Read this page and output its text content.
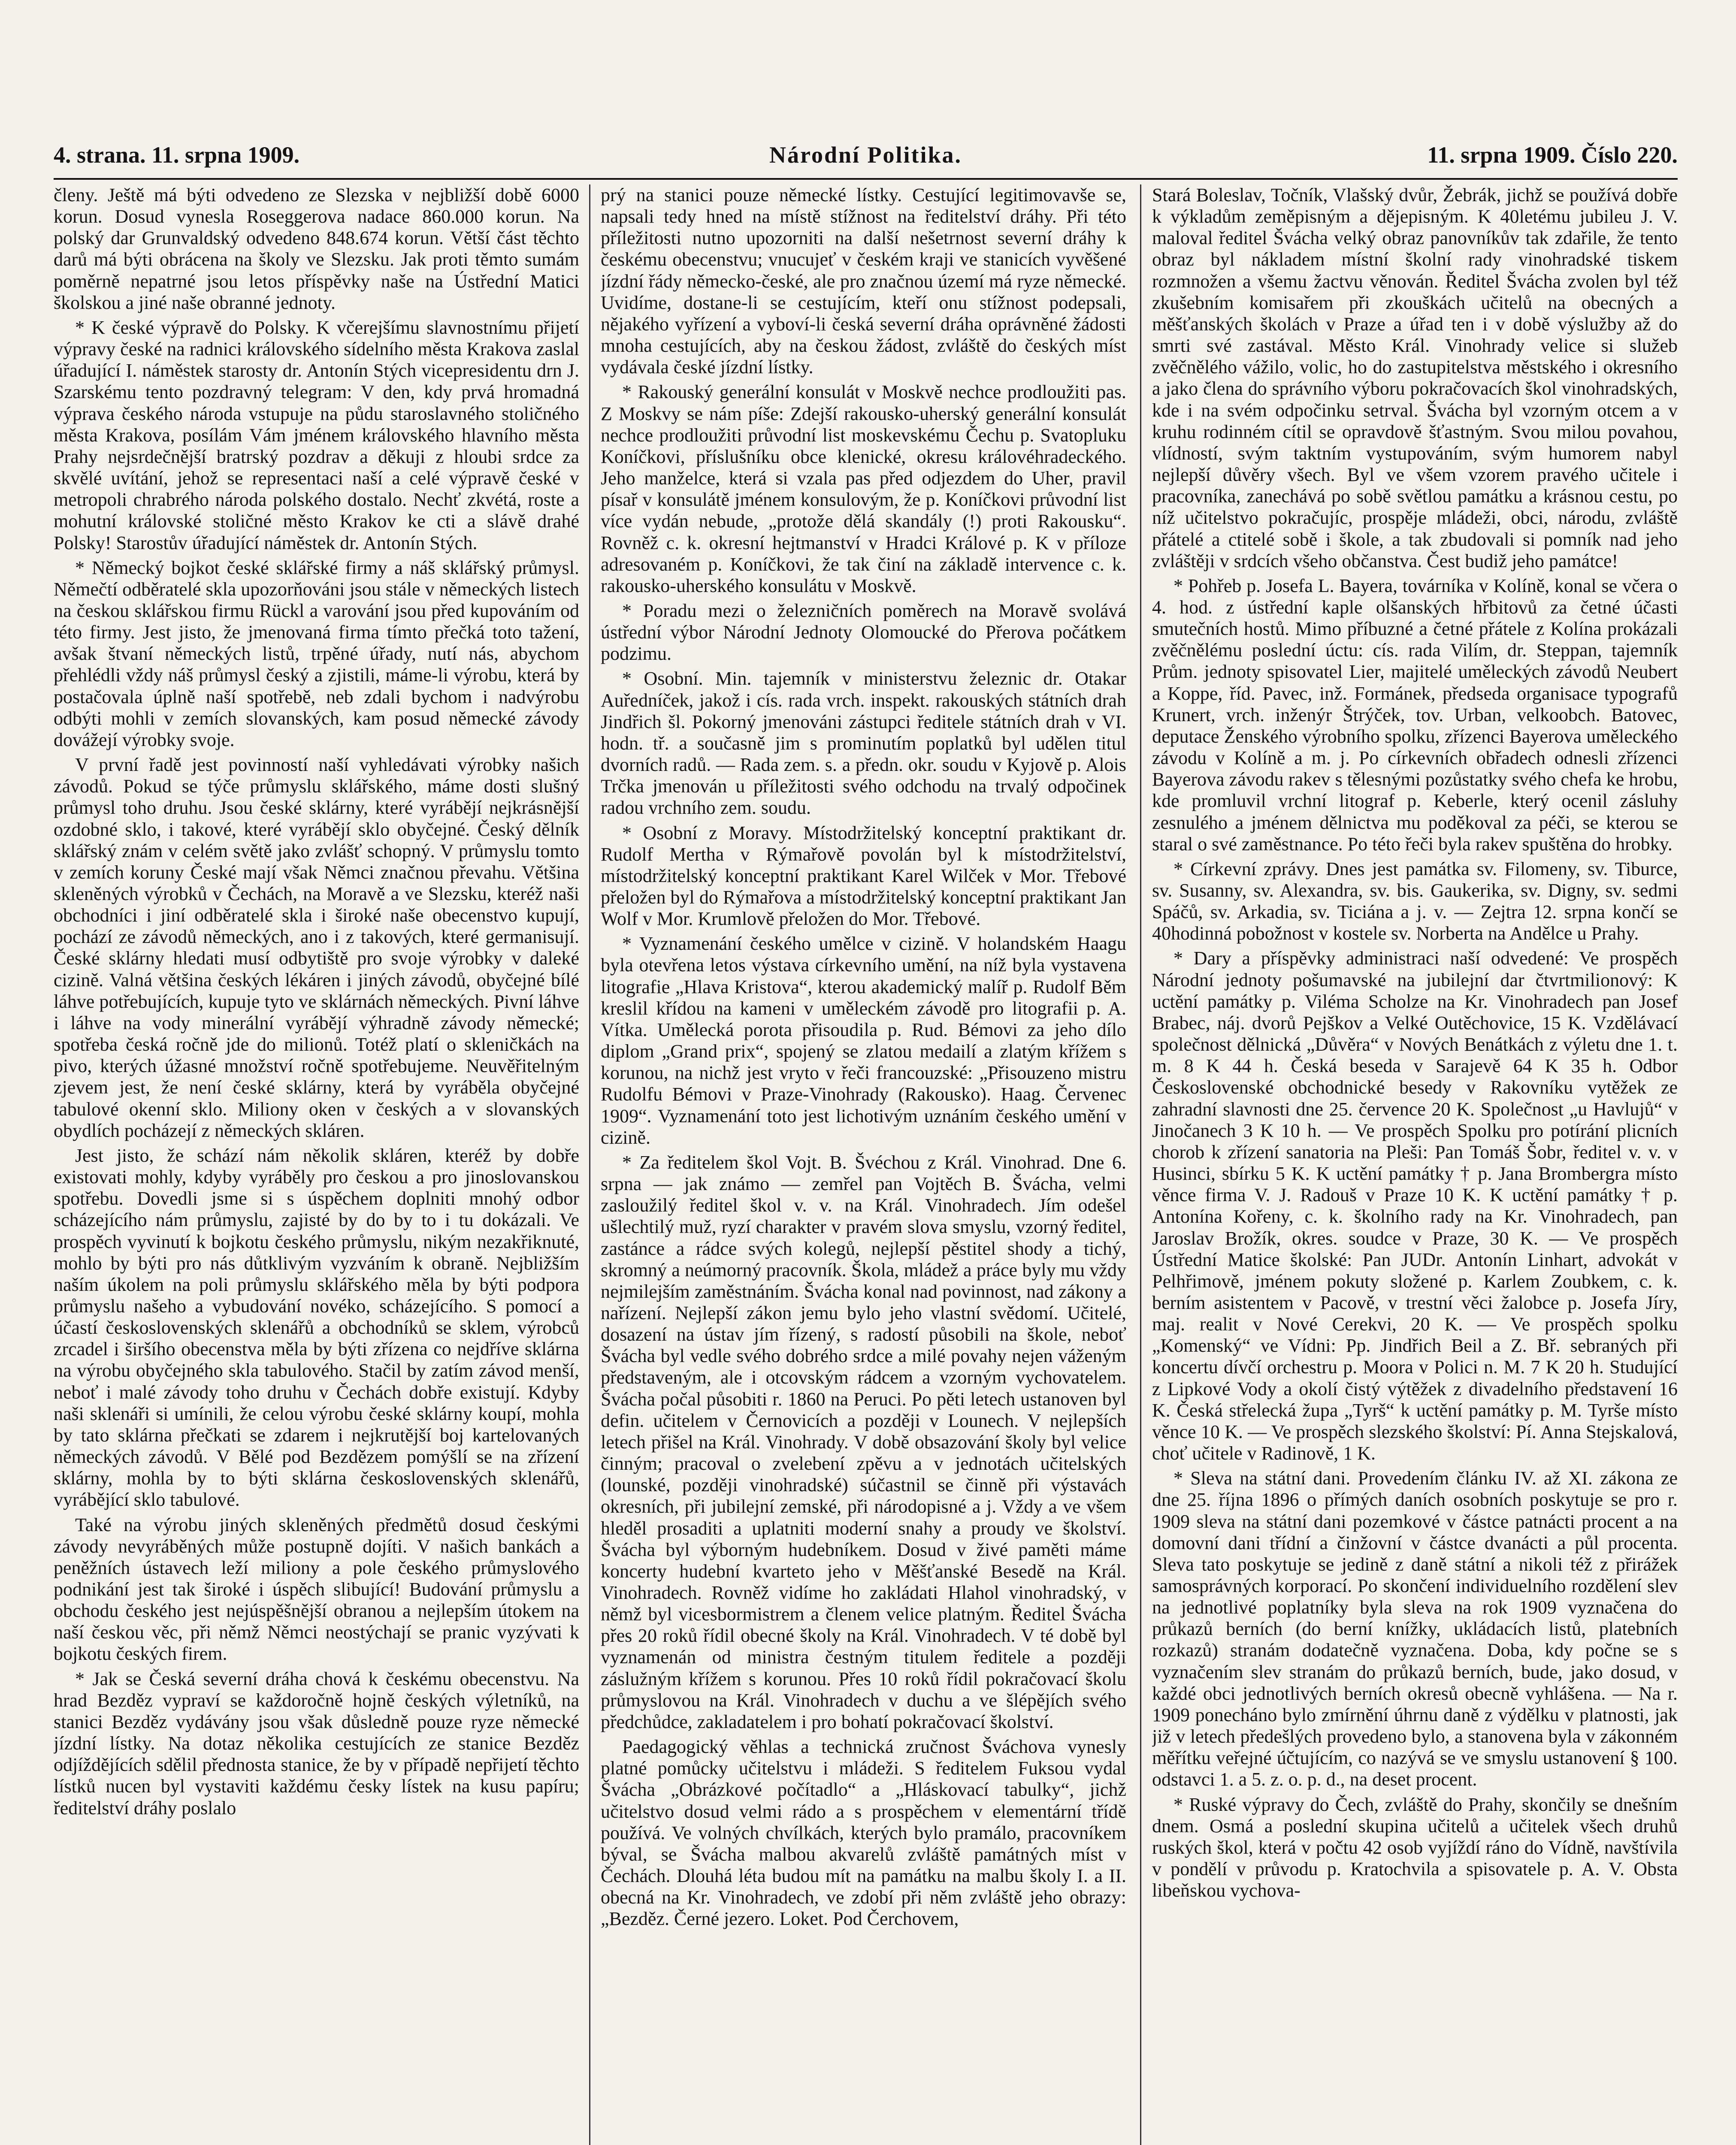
4. strana. 11. srpna 1909.	Národní Politika.	11. srpna 1909. Číslo 220.

členy. Ještě má býti odvedeno ze Slezska v nejbližší době 6000 korun. Dosud vynesla Roseggerova nadace 860.000 korun. Na polský dar Grunvaldský odvedeno 848.674 korun. Větší část těchto darů má býti obrácena na školy ve Slezsku. Jak proti těmto sumám poměrně nepatrné jsou letos příspěvky naše na Ústřední Matici školskou a jiné naše obranné jednoty.

* K české výpravě do Polsky. K včerejšímu slavnostnímu přijetí výpravy české na radnici královského sídelního města Krakova zaslal úřadující I. náměstek starosty dr. Antonín Stých vicepresidentu drn J. Szarskému tento pozdravný telegram: V den, kdy prvá hromadná výprava českého národa vstupuje na půdu staroslavného stoličného města Krakova, posílám Vám jménem královského hlavního města Prahy nejsrdečnější bratrský pozdrav a děkuji z hloubi srdce za skvělé uvítání, jehož se representaci naší a celé výpravě české v metropoli chrabrého národa polského dostalo. Nechť zkvétá, roste a mohutní královské stoličné město Krakov ke cti a slávě drahé Polsky! Starostův úřadující náměstek dr. Antonín Stých.

* Německý bojkot české sklářské firmy a náš sklářský průmysl. Němečtí odběratelé skla upozorňováni jsou stále v německých listech na českou sklářskou firmu Rückl a varování jsou před kupováním od této firmy. Jest jisto, že jmenovaná firma tímto přečká toto tažení, avšak štvaní německých listů, trpěné úřady, nutí nás, abychom přehlédli vždy náš průmysl český a zjistili, máme-li výrobu, která by postačovala úplně naší spotřebě, neb zdali bychom i nadvýrobu odbýti mohli v zemích slovanských, kam posud německé závody dovážejí výrobky svoje.

V první řadě jest povinností naší vyhledávati výrobky našich závodů. Pokud se týče průmyslu sklářského, máme dosti slušný průmysl toho druhu. Jsou české sklárny, které vyrábějí nejkrásnější ozdobné sklo, i takové, které vyrábějí sklo obyčejné. Český dělník sklářský znám v celém světě jako zvlášť schopný. V průmyslu tomto v zemích koruny České mají však Němci značnou převahu. Většina skleněných výrobků v Čechách, na Moravě a ve Slezsku, kteréž naši obchodníci i jiní odběratelé skla i široké naše obecenstvo kupují, pochází ze závodů německých, ano i z takových, které germanisují. České sklárny hledati musí odbytiště pro svoje výrobky v daleké cizině. Valná většina českých lékáren i jiných závodů, obyčejné bílé láhve potřebujících, kupuje tyto ve sklárnách německých. Pivní láhve i láhve na vody minerální vyrábějí výhradně závody německé; spotřeba česká ročně jde do milionů. Totéž platí o skleničkách na pivo, kterých úžasné množství ročně spotřebujeme. Neuvěřitelným zjevem jest, že není české sklárny, která by vyráběla obyčejné tabulové okenní sklo. Miliony oken v českých a v slovanských obydlích pocházejí z německých skláren.

Jest jisto, že schází nám několik skláren, kteréž by dobře existovati mohly, kdyby vyráběly pro českou a pro jinoslovanskou spotřebu. Dovedli jsme si s úspěchem doplniti mnohý odbor scházejícího nám průmyslu, zajisté by do by to i tu dokázali. Ve prospěch vyvinutí k bojkotu českého průmyslu, nikým nezakřiknuté, mohlo by býti pro nás důtklivým vyzváním k obraně. Nejbližším naším úkolem na poli průmyslu sklářského měla by býti podpora průmyslu našeho a vybudování novéko, scházejícího. S pomocí a účastí československých sklenářů a obchodníků se sklem, výrobců zrcadel i širšího obecenstva měla by býti zřízena co nejdříve sklárna na výrobu obyčejného skla tabulového. Stačil by zatím závod menší, neboť i malé závody toho druhu v Čechách dobře existují. Kdyby naši sklenáři si umínili, že celou výrobu české sklárny koupí, mohla by tato sklárna přečkati se zdarem i nejkrutější boj kartelovaných německých závodů. V Bělé pod Bezdězem pomýšlí se na zřízení sklárny, mohla by to býti sklárna československých sklenářů, vyrábějící sklo tabulové.

Také na výrobu jiných skleněných předmětů dosud českými závody nevyráběných může postupně dojíti. V našich bankách a peněžních ústavech leží miliony a pole českého průmyslového podnikání jest tak široké i úspěch slibující! Budování průmyslu a obchodu českého jest nejúspěšnější obranou a nejlepším útokem na naší českou věc, při němž Němci neostýchají se pranic vyzývati k bojkotu českých firem.

* Jak se Česká severní dráha chová k českému obecenstvu. Na hrad Bezděz vypraví se každoročně hojně českých výletníků, na stanici Bezděz vydávány jsou však důsledně pouze ryze německé jízdní lístky. Na dotaz několika cestujících ze stanice Bezděz odjíždějících sdělil přednosta stanice, že by v případě nepřijetí těchto lístků nucen byl vystaviti každému česky lístek na kusu papíru; ředitelství dráhy poslalo

prý na stanici pouze německé lístky. Cestující legitimovavše se, napsali tedy hned na místě stížnost na ředitelství dráhy. Při této příležitosti nutno upozorniti na další nešetrnost severní dráhy k českému obecenstvu; vnucujeť v českém kraji ve stanicích vyvěšené jízdní řády německo-české, ale pro značnou území má ryze německé. Uvidíme, dostane-li se cestujícím, kteří onu stížnost podepsali, nějakého vyřízení a vyboví-li česká severní dráha oprávněné žádosti mnoha cestujících, aby na českou žádost, zvláště do českých míst vydávala české jízdní lístky.

* Rakouský generální konsulát v Moskvě nechce prodloužiti pas. Z Moskvy se nám píše: Zdejší rakousko-uherský generální konsulát nechce prodloužiti průvodní list moskevskému Čechu p. Svatopluku Koníčkovi, příslušníku obce klenické, okresu královéhradeckého. Jeho manželce, která si vzala pas před odjezdem do Uher, pravil písař v konsulátě jménem konsulovým, že p. Koníčkovi průvodní list více vydán nebude, „protože dělá skandály (!) proti Rakousku“. Rovněž c. k. okresní hejtmanství v Hradci Králové p. K v příloze adresovaném p. Koníčkovi, že tak činí na základě intervence c. k. rakousko-uherského konsulátu v Moskvě.

* Poradu mezi o železničních poměrech na Moravě svolává ústřední výbor Národní Jednoty Olomoucké do Přerova počátkem podzimu.

* Osobní. Min. tajemník v ministerstvu železnic dr. Otakar Auředníček, jakož i cís. rada vrch. inspekt. rakouských státních drah Jindřich šl. Pokorný jmenováni zástupci ředitele státních drah v VI. hodn. tř. a současně jim s prominutím poplatků byl udělen titul dvorních radů. — Rada zem. s. a předn. okr. soudu v Kyjově p. Alois Trčka jmenován u příležitosti svého odchodu na trvalý odpočinek radou vrchního zem. soudu.

* Osobní z Moravy. Místodržitelský konceptní praktikant dr. Rudolf Mertha v Rýmařově povolán byl k místodržitelství, místodržitelský konceptní praktikant Karel Wilček v Mor. Třebové přeložen byl do Rýmařova a místodržitelský konceptní praktikant Jan Wolf v Mor. Krumlově přeložen do Mor. Třebové.

* Vyznamenání českého umělce v cizině. V holandském Haagu byla otevřena letos výstava církevního umění, na níž byla vystavena litografie „Hlava Kristova“, kterou akademický malíř p. Rudolf Běm kreslil křídou na kameni v uměleckém závodě pro litografii p. A. Vítka. Umělecká porota přisoudila p. Rud. Bémovi za jeho dílo diplom „Grand prix“, spojený se zlatou medailí a zlatým křížem s korunou, na nichž jest vryto v řeči francouzské: „Přisouzeno mistru Rudolfu Bémovi v Praze-Vinohrady (Rakousko). Haag. Červenec 1909“. Vyznamenání toto jest lichotivým uznáním českého umění v cizině.

* Za ředitelem škol Vojt. B. Švéchou z Král. Vinohrad. Dne 6. srpna — jak známo — zemřel pan Vojtěch B. Švácha, velmi zasloužilý ředitel škol v. v. na Král. Vinohradech. Jím odešel ušlechtilý muž, ryzí charakter v pravém slova smyslu, vzorný ředitel, zastánce a rádce svých kolegů, nejlepší pěstitel shody a tichý, skromný a neúmorný pracovník. Škola, mládež a práce byly mu vždy nejmilejším zaměstnáním. Švácha konal nad povinnost, nad zákony a nařízení. Nejlepší zákon jemu bylo jeho vlastní svědomí. Učitelé, dosazení na ústav jím řízený, s radostí působili na škole, neboť Švácha byl vedle svého dobrého srdce a milé povahy nejen váženým představeným, ale i otcovským rádcem a vzorným vychovatelem. Švácha počal působiti r. 1860 na Peruci. Po pěti letech ustanoven byl defin. učitelem v Černovicích a později v Lounech. V nejlepších letech přišel na Král. Vinohrady. V době obsazování školy byl velice činným; pracoval o zvelebení zpěvu a v jednotách učitelských (lounské, později vinohradské) súčastnil se činně při výstavách okresních, při jubilejní zemské, při národopisné a j. Vždy a ve všem hleděl prosaditi a uplatniti moderní snahy a proudy ve školství. Švácha byl výborným hudebníkem. Dosud v živé paměti máme koncerty hudební kvarteto jeho v Měšťanské Besedě na Král. Vinohradech. Rovněž vidíme ho zakládati Hlahol vinohradský, v němž byl vicesbormistrem a členem velice platným. Ředitel Švácha přes 20 roků řídil obecné školy na Král. Vinohradech. V té době byl vyznamenán od ministra čestným titulem ředitele a později záslužným křížem s korunou. Přes 10 roků řídil pokračovací školu průmyslovou na Král. Vinohradech v duchu a ve šlépějích svého předchůdce, zakladatelem i pro bohatí pokračovací školství.

Paedagogický věhlas a technická zručnost Šváchova vynesly platné pomůcky učitelstvu i mládeži. S ředitelem Fuksou vydal Švácha „Obrázkové počítadlo“ a „Hláskovací tabulky“, jichž učitelstvo dosud velmi rádo a s prospěchem v elementární třídě používá. Ve volných chvílkách, kterých bylo pramálo, pracovníkem býval, se Švácha malbou akvarelů zvláště památných míst v Čechách. Dlouhá léta budou mít na památku na malbu školy I. a II. obecná na Kr. Vinohradech, ve zdobí při něm zvláště jeho obrazy: „Bezděz. Černé jezero. Loket. Pod Čerchovem,

Stará Boleslav, Točník, Vlašský dvůr, Žebrák, jichž se používá dobře k výkladům zeměpisným a dějepisným. K 40letému jubileu J. V. maloval ředitel Švácha velký obraz panovníkův tak zdařile, že tento obraz byl nákladem místní školní rady vinohradské tiskem rozmnožen a všemu žactvu věnován. Ředitel Švácha zvolen byl též zkušebním komisařem při zkouškách učitelů na obecných a měšťanských školách v Praze a úřad ten i v době výslužby až do smrti své zastával. Město Král. Vinohrady velice si služeb zvěčnělého vážilo, volic, ho do zastupitelstva městského i okresního a jako člena do správního výboru pokračovacích škol vinohradských, kde i na svém odpočinku setrval. Švácha byl vzorným otcem a v kruhu rodinném cítil se opravdově šťastným. Svou milou povahou, vlídností, svým taktním vystupováním, svým humorem nabyl nejlepší důvěry všech. Byl ve všem vzorem pravého učitele i pracovníka, zanechává po sobě světlou památku a krásnou cestu, po níž učitelstvo pokračujíc, prospěje mládeži, obci, národu, zvláště přátelé a ctitelé sobě i škole, a tak zbudovali si pomník nad jeho zvláštěji v srdcích všeho občanstva. Čest budiž jeho památce!

* Pohřeb p. Josefa L. Bayera, továrníka v Kolíně, konal se včera o 4. hod. z ústřední kaple olšanských hřbitovů za četné účasti smutečních hostů. Mimo příbuzné a četné přátele z Kolína prokázali zvěčnělému poslední úctu: cís. rada Vilím, dr. Steppan, tajemník Prům. jednoty spisovatel Lier, majitelé uměleckých závodů Neubert a Koppe, říd. Pavec, inž. Formánek, předseda organisace typografů Krunert, vrch. inženýr Štrýček, tov. Urban, velkoobch. Batovec, deputace Ženského výrobního spolku, zřízenci Bayerova uměleckého závodu v Kolíně a m. j. Po církevních obřadech odnesli zřízenci Bayerova závodu rakev s tělesnými pozůstatky svého chefa ke hrobu, kde promluvil vrchní litograf p. Keberle, který ocenil zásluhy zesnulého a jménem dělnictva mu poděkoval za péči, se kterou se staral o své zaměstnance. Po této řeči byla rakev spuštěna do hrobky.

* Církevní zprávy. Dnes jest památka sv. Filomeny, sv. Tiburce, sv. Susanny, sv. Alexandra, sv. bis. Gaukerika, sv. Digny, sv. sedmi Spáčů, sv. Arkadia, sv. Ticiána a j. v. — Zejtra 12. srpna končí se 40hodinná pobožnost v kostele sv. Norberta na Andělce u Prahy.

* Dary a příspěvky administraci naší odvedené: Ve prospěch Národní jednoty pošumavské na jubilejní dar čtvrtmilionový: K uctění památky p. Viléma Scholze na Kr. Vinohradech pan Josef Brabec, náj. dvorů Pejškov a Velké Outěchovice, 15 K. Vzdělávací společnost dělnická „Důvěra“ v Nových Benátkách z výletu dne 1. t. m. 8 K 44 h. Česká beseda v Sarajevě 64 K 35 h. Odbor Československé obchodnické besedy v Rakovníku vytěžek ze zahradní slavnosti dne 25. července 20 K. Společnost „u Havlujů“ v Jinočanech 3 K 10 h. — Ve prospěch Spolku pro potírání plicních chorob k zřízení sanatoria na Pleši: Pan Tomáš Šobr, ředitel v. v. v Husinci, sbírku 5 K. K uctění památky † p. Jana Brombergra místo věnce firma V. J. Radouš v Praze 10 K. K uctění památky † p. Antonína Kořeny, c. k. školního rady na Kr. Vinohradech, pan Jaroslav Brožík, okres. soudce v Praze, 30 K. — Ve prospěch Ústřední Matice školské: Pan JUDr. Antonín Linhart, advokát v Pelhřimově, jménem pokuty složené p. Karlem Zoubkem, c. k. berním asistentem v Pacově, v trestní věci žalobce p. Josefa Jíry, maj. realit v Nové Cerekvi, 20 K. — Ve prospěch spolku „Komenský“ ve Vídni: Pp. Jindřich Beil a Z. Bř. sebraných při koncertu dívčí orchestru p. Moora v Polici n. M. 7 K 20 h. Studující z Lipkové Vody a okolí čistý výtěžek z divadelního představení 16 K. Česká střelecká župa „Tyrš“ k uctění památky p. M. Tyrše místo věnce 10 K. — Ve prospěch slezského školství: Pí. Anna Stejskalová, choť učitele v Radinově, 1 K.

* Sleva na státní dani. Provedením článku IV. až XI. zákona ze dne 25. října 1896 o přímých daních osobních poskytuje se pro r. 1909 sleva na státní dani pozemkové v částce patnácti procent a na domovní dani třídní a činžovní v částce dvanácti a půl procenta. Sleva tato poskytuje se jedině z daně státní a nikoli též z přirážek samosprávných korporací. Po skončení individuelního rozdělení slev na jednotlivé poplatníky byla sleva na rok 1909 vyznačena do průkazů berních (do berní knížky, ukládacích listů, platebních rozkazů) stranám dodatečně vyznačena. Doba, kdy počne se s vyznačením slev stranám do průkazů berních, bude, jako dosud, v každé obci jednotlivých berních okresů obecně vyhlášena. — Na r. 1909 ponecháno bylo zmírnění úhrnu daně z výdělku v platnosti, jak již v letech předešlých provedeno bylo, a stanovena byla v zákonném měřítku veřejné účtujícím, co nazývá se ve smyslu ustanovení § 100. odstavci 1. a 5. z. o. p. d., na deset procent.

* Ruské výpravy do Čech, zvláště do Prahy, skončily se dnešním dnem. Osmá a poslední skupina učitelů a učitelek všech druhů ruských škol, která v počtu 42 osob vyjíždí ráno do Vídně, navštívila v pondělí v průvodu p. Kratochvila a spisovatele p. A. V. Obsta libeňskou vychova-
